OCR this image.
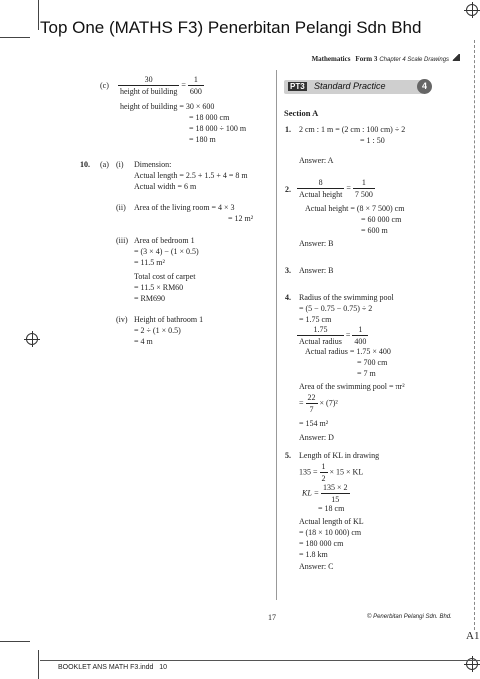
Top One (MATHS F3) Penerbitan Pelangi Sdn Bhd
Mathematics Form 3 Chapter 4 Scale Drawings
$(c) \frac{30}{\text{height of building}} = \frac{1}{600}$
height of building = 30 × 600
= 18 000 cm
= 18 000 ÷ 100 m
= 180 m
10. (a) (i) Dimension:
Actual length = 2.5 + 1.5 + 4 = 8 m
Actual width = 6 m
(ii) Area of the living room = 4 × 3
= 12 m²
(iii) Area of bedroom 1
= (3 × 4) − (1 × 0.5)
= 11.5 m²
Total cost of carpet
= 11.5 × RM60
= RM690
(iv) Height of bathroom 1
= 2 ÷ (1 × 0.5)
= 4 m
PT3 Standard Practice	4
Section A
1. 2 cm : 1 m = (2 cm : 100 cm) ÷ 2
= 1 : 50
Answer: A
2. $\frac{8}{\text{Actual height}} = \frac{1}{7 500}$
Actual height = (8 × 7 500) cm
= 60 000 cm
= 600 m
Answer: B
3. Answer: B
4. Radius of the swimming pool
= (5 − 0.75 − 0.75) ÷ 2
= 1.75 cm
$\frac{1.75}{\text{Actual radius}} = \frac{1}{400}$
Actual radius = 1.75 × 400
= 700 cm
= 7 m
Area of the swimming pool = πr²
= $\frac{22}{7} \times (7)^2$
= 154 m²
Answer: D
5. Length of KL in drawing
$135 = \frac{1}{2} \times 15$ × KL
KL = $\frac{135 \times 2}{15}$
= 18 cm
Actual length of KL
= (18 × 10 000) cm
= 180 000 cm
= 1.8 km
Answer: C
17	© Penerbitan Pelangi Sdn. Bhd.
A1
BOOKLET ANS MATH F3.indd   10
